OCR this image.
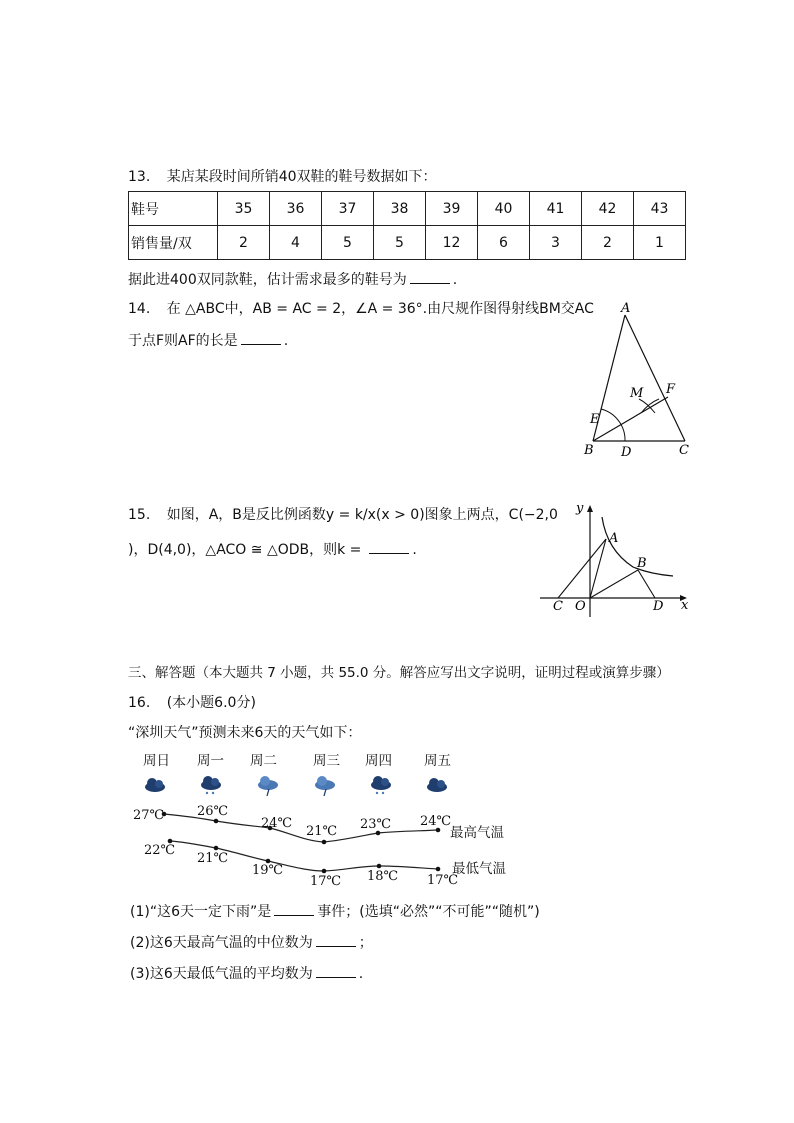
13. 某店某段时间所销40双鞋的鞋号数据如下：
鞋号	35	36	37	38	39	40	41	42	43
销售量/双	2	4	5	5	12	6	3	2	1
据此进400双同款鞋，估计需求最多的鞋号为	.
14. 在 △ABC中，AB = AC = 2，∠A = 36°.由尺规作图得射线BM交AC
于点F则AF的长是	.
A
B	C
D
E
F
M
15. 如图，A，B是反比例函数y = k/x(x > 0)图象上两点，C(−2,0
)，D(4,0)，△ACO ≅ △ODB，则k =	.
y
x
A
B
C O	D
三、解答题（本大题共 7 小题，共 55.0 分。解答应写出文字说明，证明过程或演算步骤）
16. (本小题6.0分)
“深圳天气”预测未来6天的天气如下：
周日 周一 周二	周三 周四 周五
27℃	26℃
24℃
21℃ 23℃ 24℃
最高气温
22℃
21℃
19℃
17℃ 18℃ 17℃
最低气温
(1)“这6天一定下雨”是	事件；(选填“必然”“不可能”“随机”)
(2)这6天最高气温的中位数为	；
(3)这6天最低气温的平均数为	.
